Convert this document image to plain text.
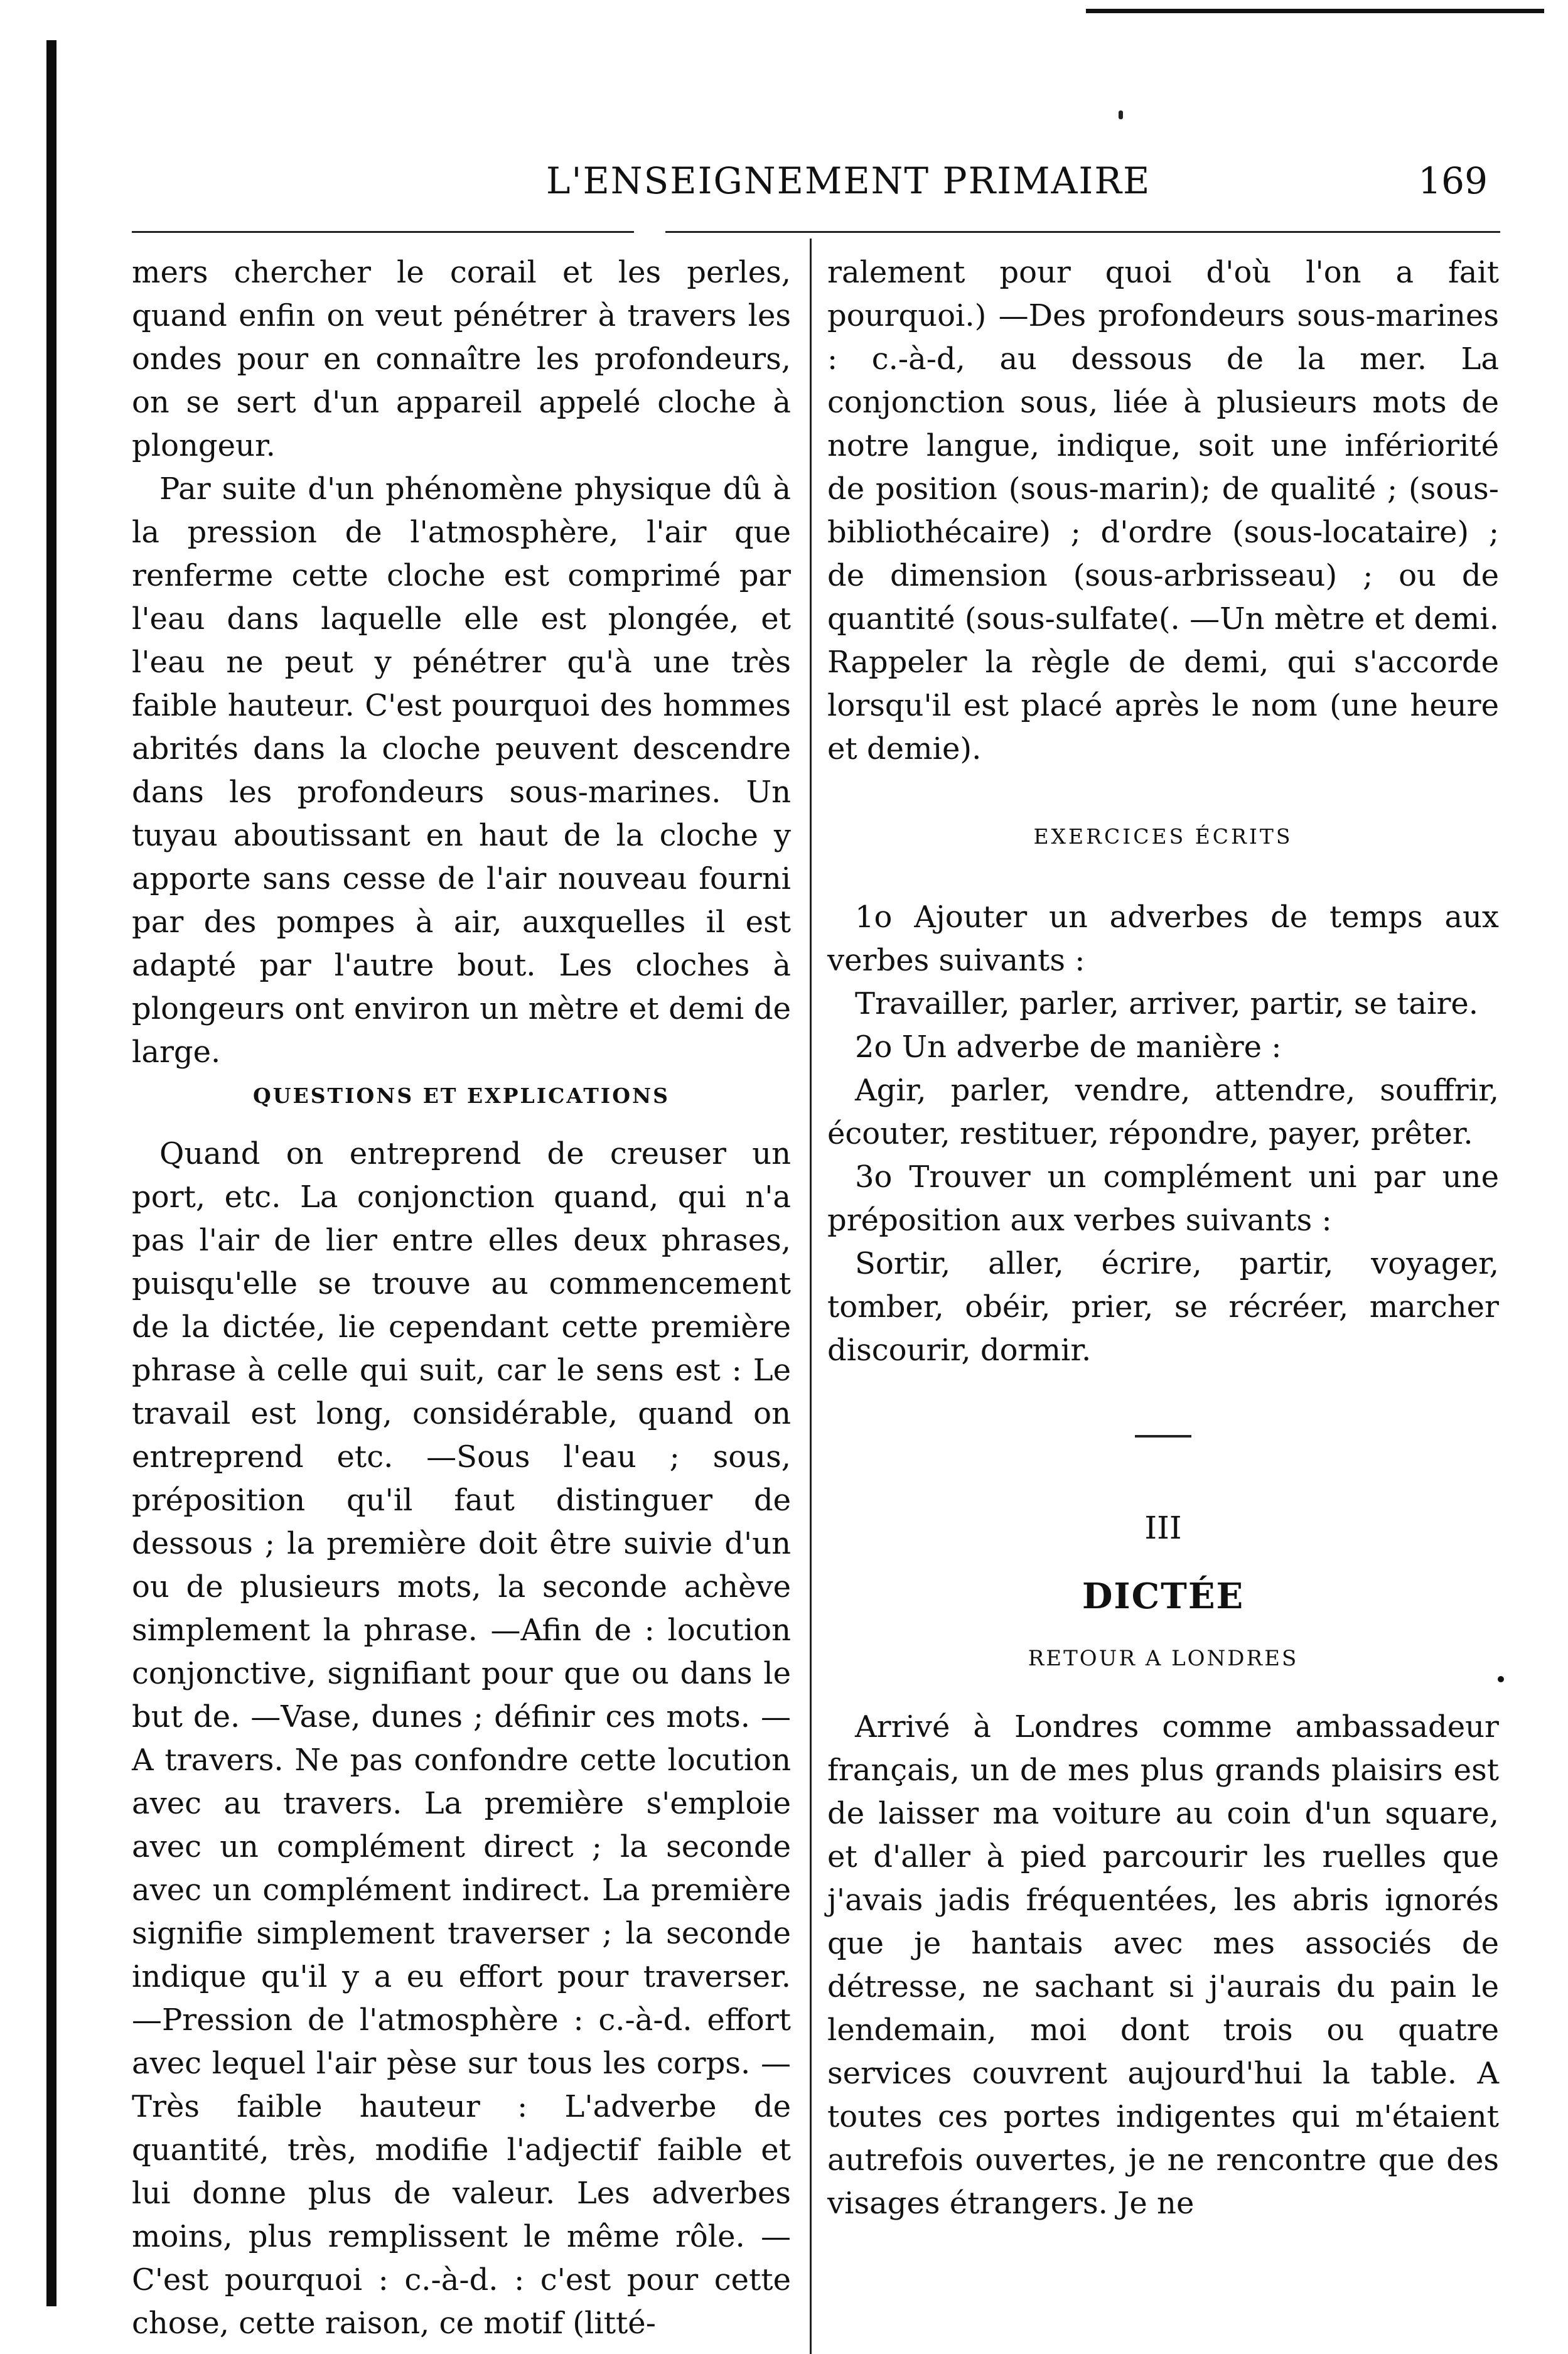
L'ENSEIGNEMENT PRIMAIRE	169

mers chercher le corail et les perles, quand enfin on veut pénétrer à travers les ondes pour en connaître les profondeurs, on se sert d'un appareil appelé cloche à plongeur.

Par suite d'un phénomène physique dû à la pression de l'atmosphère, l'air que renferme cette cloche est comprimé par l'eau dans laquelle elle est plongée, et l'eau ne peut y pénétrer qu'à une très faible hauteur. C'est pourquoi des hommes abrités dans la cloche peuvent descendre dans les profondeurs sous-marines. Un tuyau aboutissant en haut de la cloche y apporte sans cesse de l'air nouveau fourni par des pompes à air, auxquelles il est adapté par l'autre bout. Les cloches à plongeurs ont environ un mètre et demi de large.

QUESTIONS ET EXPLICATIONS

Quand on entreprend de creuser un port, etc. La conjonction quand, qui n'a pas l'air de lier entre elles deux phrases, puisqu'elle se trouve au commencement de la dictée, lie cependant cette première phrase à celle qui suit, car le sens est : Le travail est long, considérable, quand on entreprend etc. —Sous l'eau ; sous, préposition qu'il faut distinguer de dessous ; la première doit être suivie d'un ou de plusieurs mots, la seconde achève simplement la phrase. —Afin de : locution conjonctive, signifiant pour que ou dans le but de. —Vase, dunes ; définir ces mots. —A travers. Ne pas confondre cette locution avec au travers. La première s'emploie avec un complément direct ; la seconde avec un complément indirect. La première signifie simplement traverser ; la seconde indique qu'il y a eu effort pour traverser. —Pression de l'atmosphère : c.-à-d. effort avec lequel l'air pèse sur tous les corps. — Très faible hauteur : L'adverbe de quantité, très, modifie l'adjectif faible et lui donne plus de valeur. Les adverbes moins, plus remplissent le même rôle. —C'est pourquoi : c.-à-d. : c'est pour cette chose, cette raison, ce motif (litté-

ralement pour quoi d'où l'on a fait pourquoi.) —Des profondeurs sous-marines : c.-à-d, au dessous de la mer. La conjonction sous, liée à plusieurs mots de notre langue, indique, soit une infériorité de position (sous-marin); de qualité ; (sous-bibliothécaire) ; d'ordre (sous-locataire) ; de dimension (sous-arbrisseau) ; ou de quantité (sous-sulfate(. —Un mètre et demi. Rappeler la règle de demi, qui s'accorde lorsqu'il est placé après le nom (une heure et demie).

EXERCICES ÉCRITS

1o Ajouter un adverbes de temps aux verbes suivants :

Travailler, parler, arriver, partir, se taire.

2o Un adverbe de manière :

Agir, parler, vendre, attendre, souffrir, écouter, restituer, répondre, payer, prêter.

3o Trouver un complément uni par une préposition aux verbes suivants :

Sortir, aller, écrire, partir, voyager, tomber, obéir, prier, se récréer, marcher discourir, dormir.

III
DICTÉE
RETOUR A LONDRES

Arrivé à Londres comme ambassadeur français, un de mes plus grands plaisirs est de laisser ma voiture au coin d'un square, et d'aller à pied parcourir les ruelles que j'avais jadis fréquentées, les abris ignorés que je hantais avec mes associés de détresse, ne sachant si j'aurais du pain le lendemain, moi dont trois ou quatre services couvrent aujourd'hui la table. A toutes ces portes indigentes qui m'étaient autrefois ouvertes, je ne rencontre que des visages étrangers. Je ne
